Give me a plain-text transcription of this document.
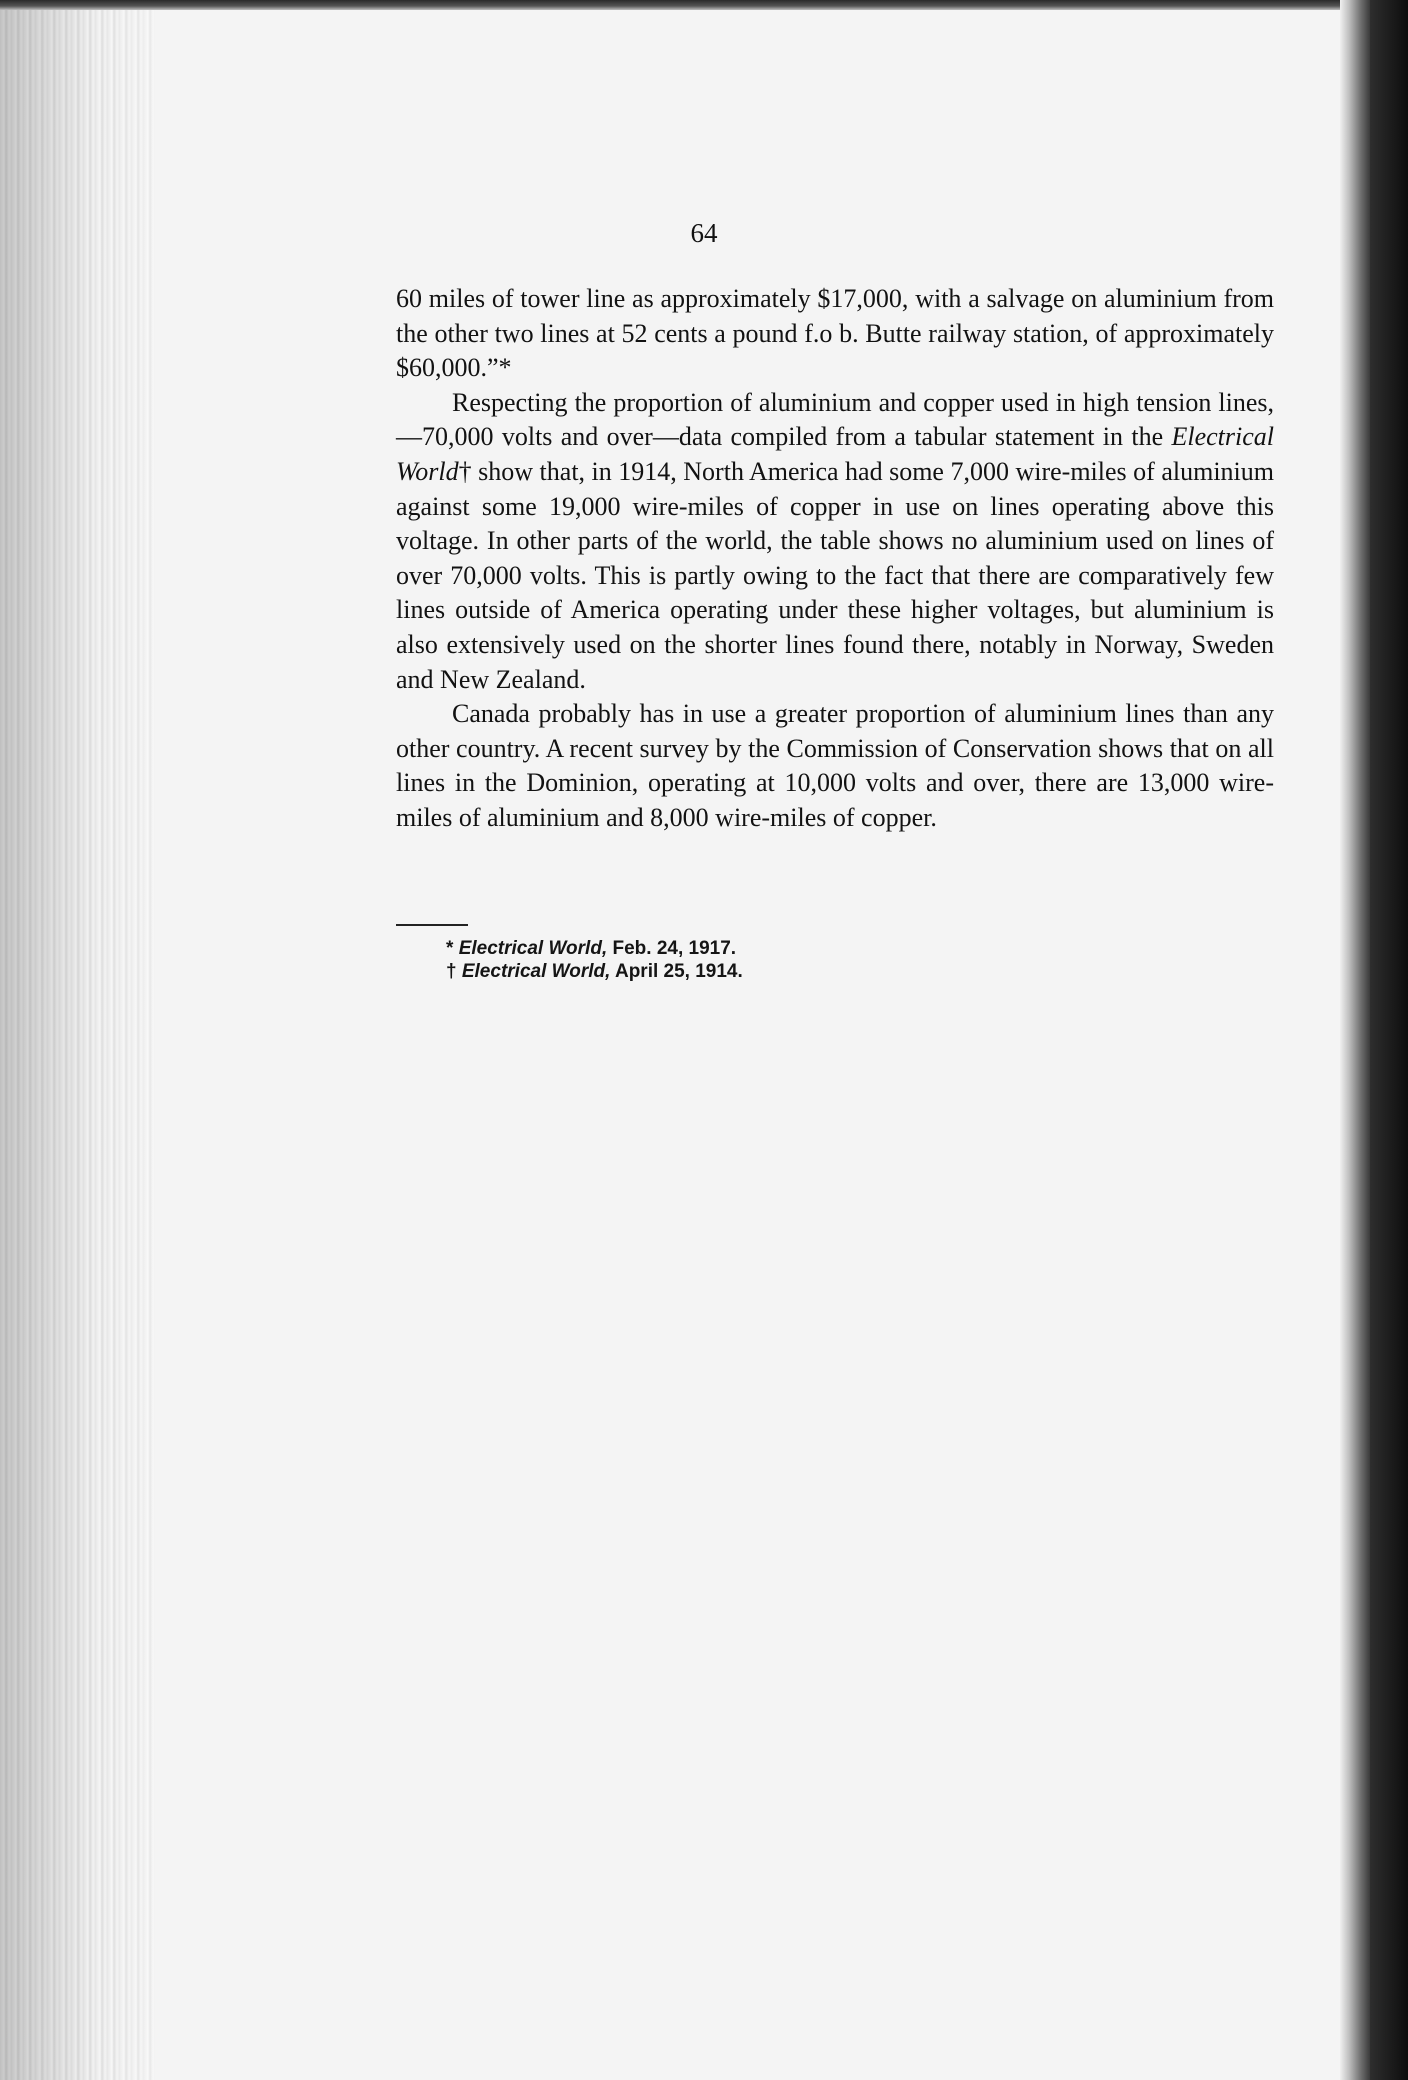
64

60 miles of tower line as approximately $17,000, with a salvage on aluminium from the other two lines at 52 cents a pound f.o b. Butte railway station, of approximately $60,000.”*

Respecting the proportion of aluminium and copper used in high tension lines,—70,000 volts and over—data compiled from a tabular statement in the Electrical World† show that, in 1914, North America had some 7,000 wire-miles of aluminium against some 19,000 wire-miles of copper in use on lines operating above this voltage. In other parts of the world, the table shows no aluminium used on lines of over 70,000 volts. This is partly owing to the fact that there are comparatively few lines outside of America operating under these higher voltages, but aluminium is also extensively used on the shorter lines found there, notably in Norway, Sweden and New Zealand.

Canada probably has in use a greater proportion of aluminium lines than any other country. A recent survey by the Commission of Conservation shows that on all lines in the Dominion, operating at 10,000 volts and over, there are 13,000 wire-miles of aluminium and 8,000 wire-miles of copper.

* Electrical World, Feb. 24, 1917.

† Electrical World, April 25, 1914.
